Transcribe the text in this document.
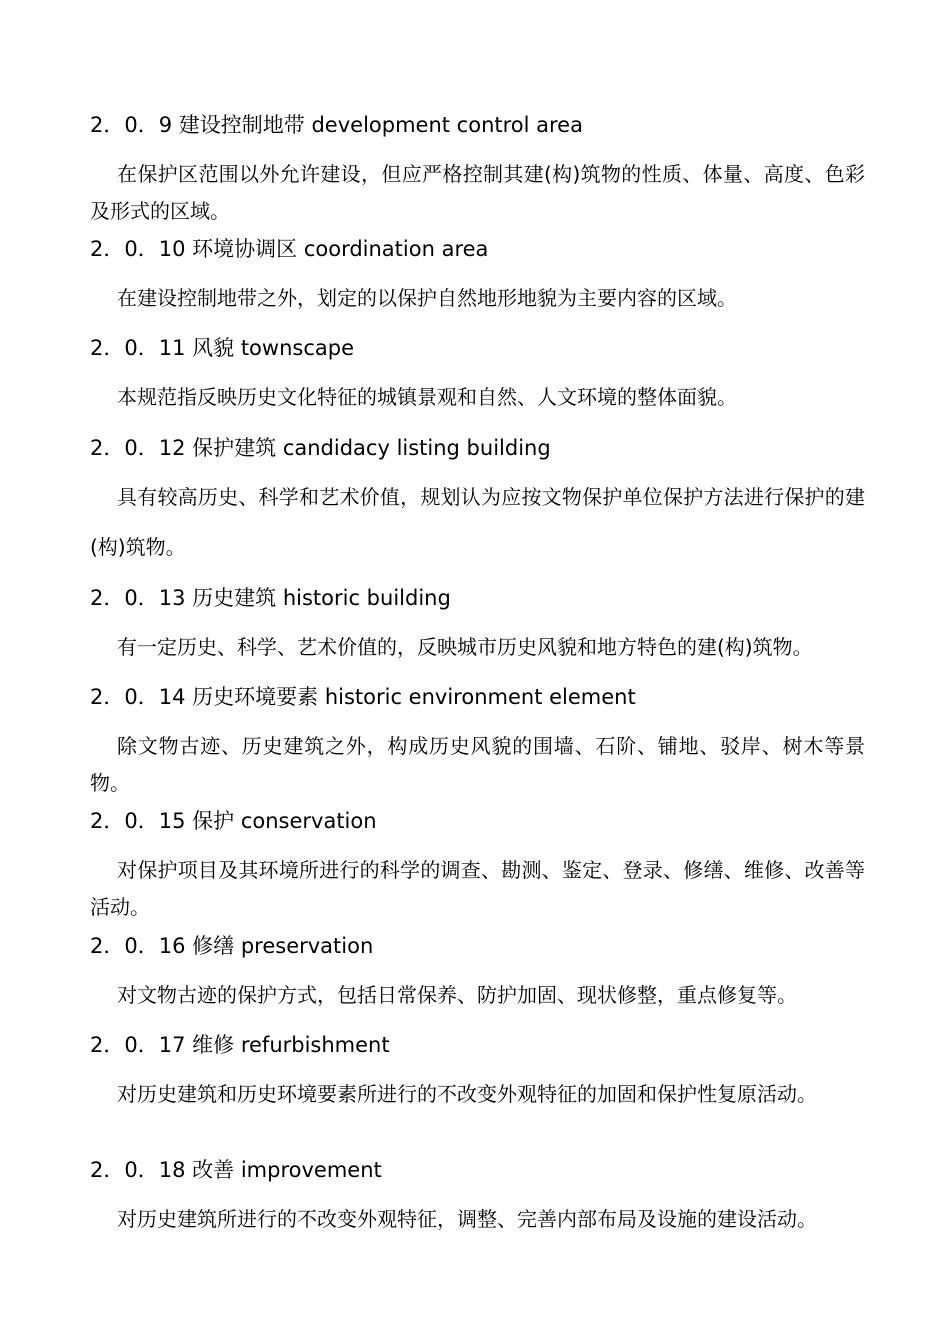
2．0．9 建设控制地带 development control area
在保护区范围以外允许建设，但应严格控制其建(构)筑物的性质、体量、高度、色彩及形式的区域。
2．0．10 环境协调区 coordination area
在建设控制地带之外，划定的以保护自然地形地貌为主要内容的区域。
2．0．11 风貌 townscape
本规范指反映历史文化特征的城镇景观和自然、人文环境的整体面貌。
2．0．12 保护建筑 candidacy listing building
具有较高历史、科学和艺术价值，规划认为应按文物保护单位保护方法进行保护的建(构)筑物。
2．0．13 历史建筑 historic building
有一定历史、科学、艺术价值的，反映城市历史风貌和地方特色的建(构)筑物。
2．0．14 历史环境要素 historic environment element
除文物古迹、历史建筑之外，构成历史风貌的围墙、石阶、铺地、驳岸、树木等景物。
2．0．15 保护 conservation
对保护项目及其环境所进行的科学的调查、勘测、鉴定、登录、修缮、维修、改善等活动。
2．0．16 修缮 preservation
对文物古迹的保护方式，包括日常保养、防护加固、现状修整，重点修复等。
2．0．17 维修 refurbishment
对历史建筑和历史环境要素所进行的不改变外观特征的加固和保护性复原活动。
2．0．18 改善 improvement
对历史建筑所进行的不改变外观特征，调整、完善内部布局及设施的建设活动。
